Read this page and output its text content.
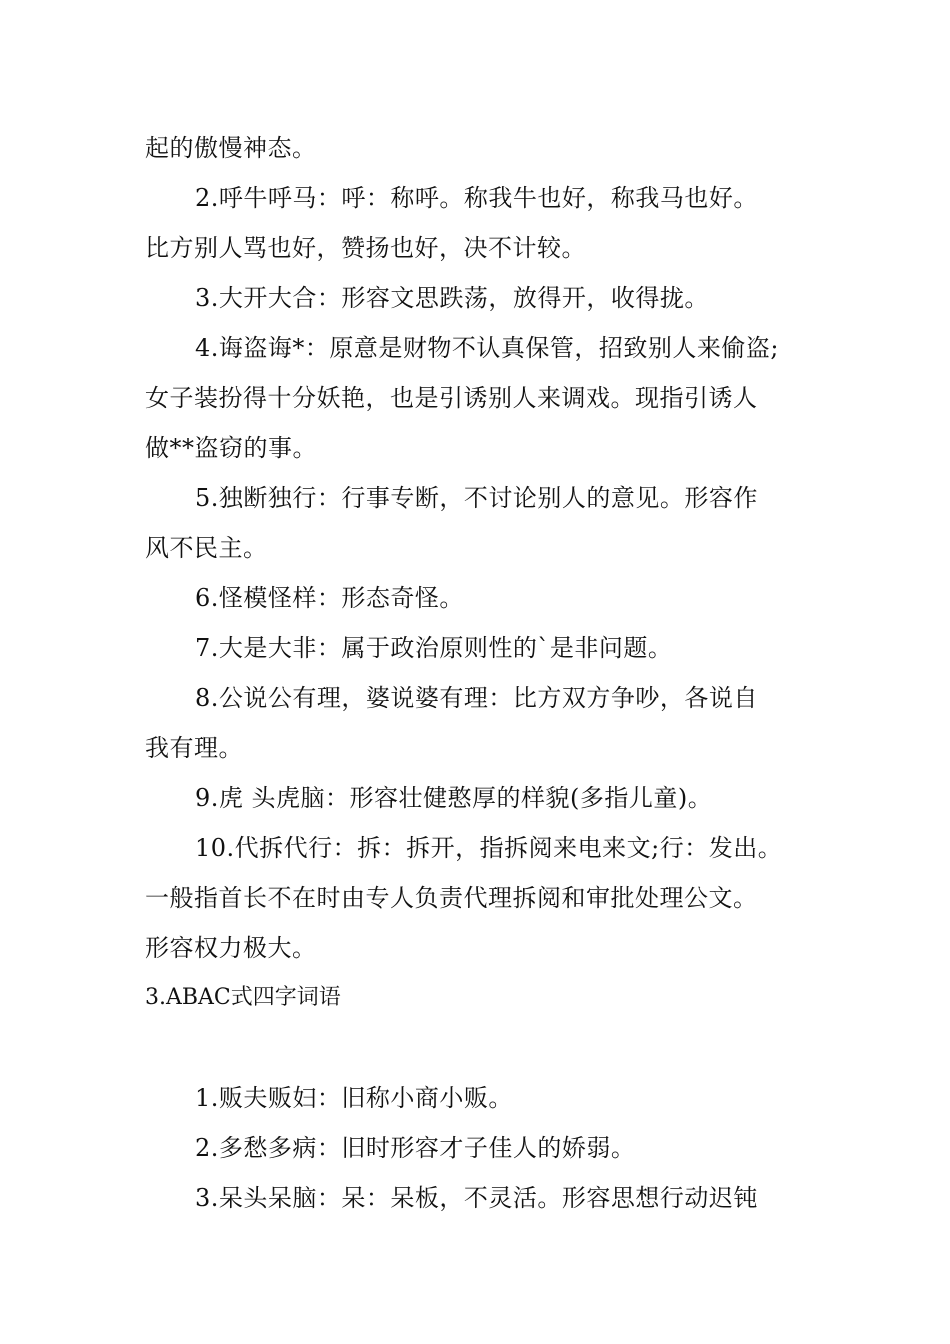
起的傲慢神态。
2.呼牛呼马：呼：称呼。称我牛也好，称我马也好。
比方别人骂也好，赞扬也好，决不计较。
3.大开大合：形容文思跌荡，放得开，收得拢。
4.诲盗诲*：原意是财物不认真保管，招致别人来偷盗;
女子装扮得十分妖艳，也是引诱别人来调戏。现指引诱人
做**盗窃的事。
5.独断独行：行事专断，不讨论别人的意见。形容作
风不民主。
6.怪模怪样：形态奇怪。
7.大是大非：属于政治原则性的`是非问题。
8.公说公有理，婆说婆有理：比方双方争吵，各说自
我有理。
9.虎 头虎脑：形容壮健憨厚的样貌(多指儿童)。
10.代拆代行：拆：拆开，指拆阅来电来文;行：发出。
一般指首长不在时由专人负责代理拆阅和审批处理公文。
形容权力极大。
3.ABAC式四字词语
1.贩夫贩妇：旧称小商小贩。
2.多愁多病：旧时形容才子佳人的娇弱。
3.呆头呆脑：呆：呆板，不灵活。形容思想行动迟钝
